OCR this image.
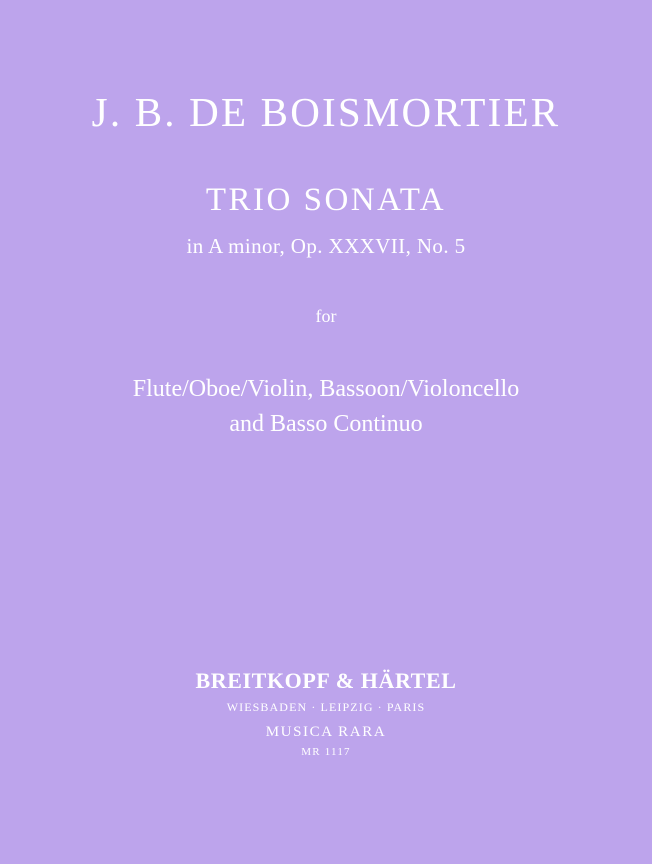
J. B. DE BOISMORTIER
TRIO SONATA
in A minor, Op. XXXVII, No. 5
for
Flute/Oboe/Violin, Bassoon/Violoncello
and Basso Continuo
BREITKOPF & HÄRTEL
WIESBADEN · LEIPZIG · PARIS
MUSICA RARA
MR 1117
